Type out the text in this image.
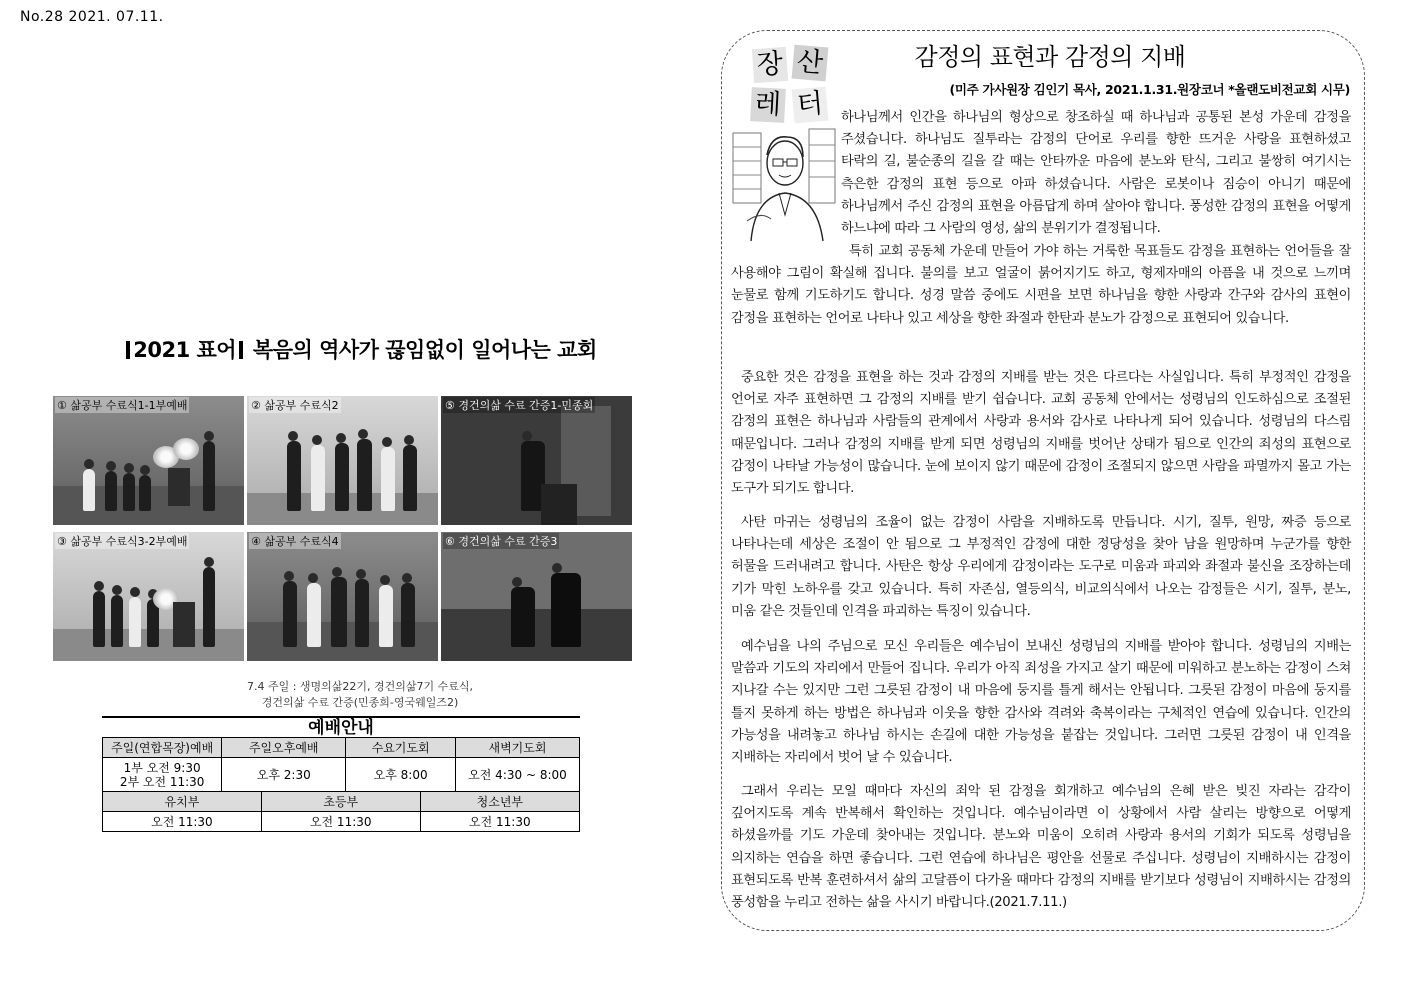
No.28 2021. 07.11.
2021 표어 복음의 역사가 끊임없이 일어나는 교회
① 삶공부 수료식1-1부예배	② 삶공부 수료식2	⑤ 경건의삶 수료 간증1-민종회
③ 삶공부 수료식3-2부예배	④ 삶공부 수료식4	⑥ 경건의삶 수료 간증3
7.4 주일 : 생명의삶22기, 경건의삶7기 수료식,
경건의삶 수료 간증(민종희-영국웨일즈2)
예배안내
주일(연합목장)예배	주일오후예배	수요기도회	새벽기도회

1부 오전 9:30
2부 오전 11:30	오후 2:30	오후 8:00	오전 4:30 ~ 8:00
유치부	초등부	청소년부
오전 11:30	오전 11:30	오전 11:30
장 산
레 터
감정의 표현과 감정의 지배
(미주 가사원장 김인기 목사, 2021.1.31.원장코너 *올랜도비전교회 시무)
하나님께서 인간을 하나님의 형상으로 창조하실 때 하나님과 공통된 본성 가운데 감정을 주셨습니다. 하나님도 질투라는 감정의 단어로 우리를 향한 뜨거운 사랑을 표현하셨고 타락의 길, 불순종의 길을 갈 때는 안타까운 마음에 분노와 탄식, 그리고 불쌍히 여기시는 측은한 감정의 표현 등으로 아파 하셨습니다. 사람은 로봇이나 짐승이 아니기 때문에 하나님께서 주신 감정의 표현을 아름답게 하며 살아야 합니다. 풍성한 감정의 표현을 어떻게 하느냐에 따라 그 사람의 영성, 삶의 분위기가 결정됩니다.
특히 교회 공동체 가운데 만들어 가야 하는 거룩한 목표들도 감정을 표현하는 언어들을 잘 사용해야 그림이 확실해 집니다. 불의를 보고 얼굴이 붉어지기도 하고, 형제자매의 아픔을 내 것으로 느끼며 눈물로 함께 기도하기도 합니다. 성경 말씀 중에도 시편을 보면 하나님을 향한 사랑과 간구와 감사의 표현이 감정을 표현하는 언어로 나타나 있고 세상을 향한 좌절과 한탄과 분노가 감정으로 표현되어 있습니다.
중요한 것은 감정을 표현을 하는 것과 감정의 지배를 받는 것은 다르다는 사실입니다. 특히 부정적인 감정을 언어로 자주 표현하면 그 감정의 지배를 받기 쉽습니다. 교회 공동체 안에서는 성령님의 인도하심으로 조절된 감정의 표현은 하나님과 사람들의 관계에서 사랑과 용서와 감사로 나타나게 되어 있습니다. 성령님의 다스림 때문입니다. 그러나 감정의 지배를 받게 되면 성령님의 지배를 벗어난 상태가 됨으로 인간의 죄성의 표현으로 감정이 나타날 가능성이 많습니다. 눈에 보이지 않기 때문에 감정이 조절되지 않으면 사람을 파멸까지 몰고 가는 도구가 되기도 합니다.
사탄 마귀는 성령님의 조율이 없는 감정이 사람을 지배하도록 만듭니다. 시기, 질투, 원망, 짜증 등으로 나타나는데 세상은 조절이 안 됨으로 그 부정적인 감정에 대한 정당성을 찾아 남을 원망하며 누군가를 향한 허물을 드러내려고 합니다. 사탄은 항상 우리에게 감정이라는 도구로 미움과 파괴와 좌절과 불신을 조장하는데 기가 막힌 노하우를 갖고 있습니다. 특히 자존심, 열등의식, 비교의식에서 나오는 감정들은 시기, 질투, 분노, 미움 같은 것들인데 인격을 파괴하는 특징이 있습니다.
예수님을 나의 주님으로 모신 우리들은 예수님이 보내신 성령님의 지배를 받아야 합니다. 성령님의 지배는 말씀과 기도의 자리에서 만들어 집니다. 우리가 아직 죄성을 가지고 살기 때문에 미워하고 분노하는 감정이 스쳐 지나갈 수는 있지만 그런 그릇된 감정이 내 마음에 둥지를 틀게 해서는 안됩니다. 그릇된 감정이 마음에 둥지를 틀지 못하게 하는 방법은 하나님과 이웃을 향한 감사와 격려와 축복이라는 구체적인 연습에 있습니다. 인간의 가능성을 내려놓고 하나님 하시는 손길에 대한 가능성을 붙잡는 것입니다. 그러면 그릇된 감정이 내 인격을 지배하는 자리에서 벗어 날 수 있습니다.
그래서 우리는 모일 때마다 자신의 죄악 된 감정을 회개하고 예수님의 은혜 받은 빚진 자라는 감각이 깊어지도록 계속 반복해서 확인하는 것입니다. 예수님이라면 이 상황에서 사람 살리는 방향으로 어떻게 하셨을까를 기도 가운데 찾아내는 것입니다. 분노와 미움이 오히려 사랑과 용서의 기회가 되도록 성령님을 의지하는 연습을 하면 좋습니다. 그런 연습에 하나님은 평안을 선물로 주십니다. 성령님이 지배하시는 감정이 표현되도록 반복 훈련하셔서 삶의 고달픔이 다가올 때마다 감정의 지배를 받기보다 성령님이 지배하시는 감정의 풍성함을 누리고 전하는 삶을 사시기 바랍니다.(2021.7.11.)
